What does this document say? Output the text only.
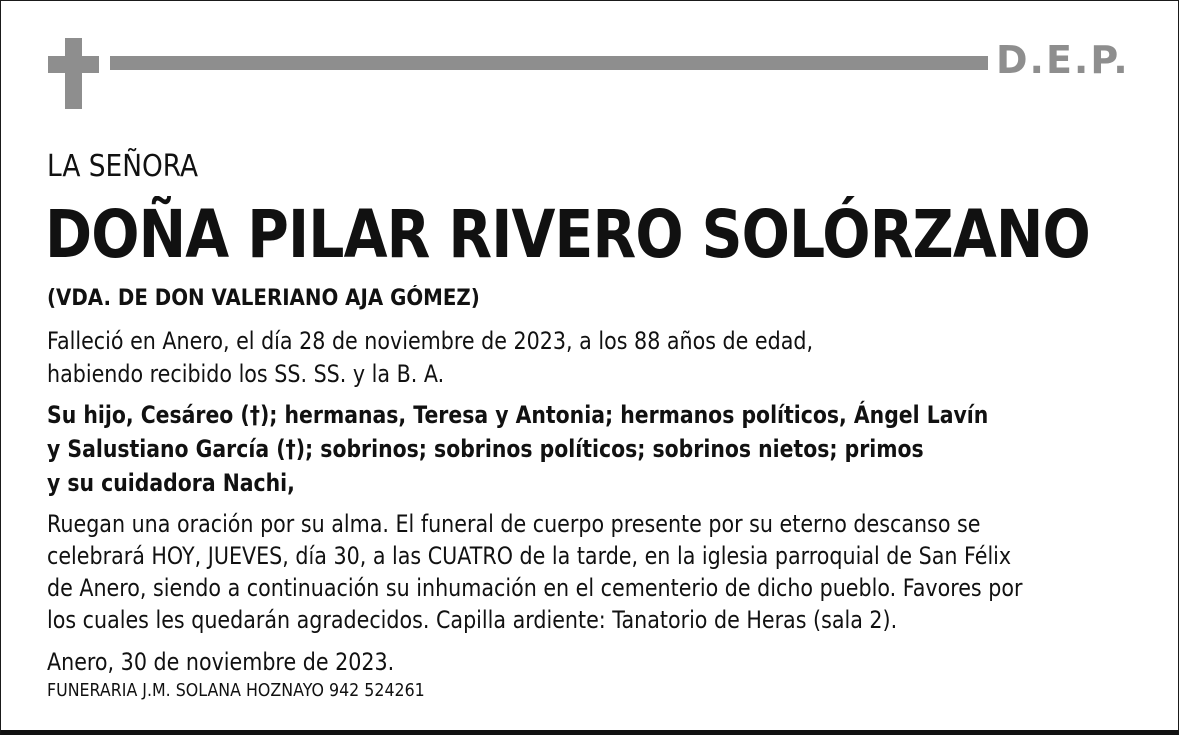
D.E.P.
LA SEÑORA
DOÑA PILAR RIVERO SOLÓRZANO
(VDA. DE DON VALERIANO AJA GÓMEZ)
Falleció en Anero, el día 28 de noviembre de 2023, a los 88 años de edad,
habiendo recibido los SS. SS. y la B. A.
Su hijo, Cesáreo (†); hermanas, Teresa y Antonia; hermanos políticos, Ángel Lavín
y Salustiano García (†); sobrinos; sobrinos políticos; sobrinos nietos; primos
y su cuidadora Nachi,
Ruegan una oración por su alma. El funeral de cuerpo presente por su eterno descanso se
celebrará HOY, JUEVES, día 30, a las CUATRO de la tarde, en la iglesia parroquial de San Félix
de Anero, siendo a continuación su inhumación en el cementerio de dicho pueblo. Favores por
los cuales les quedarán agradecidos. Capilla ardiente: Tanatorio de Heras (sala 2).
Anero, 30 de noviembre de 2023.
FUNERARIA J.M. SOLANA HOZNAYO 942 524261
